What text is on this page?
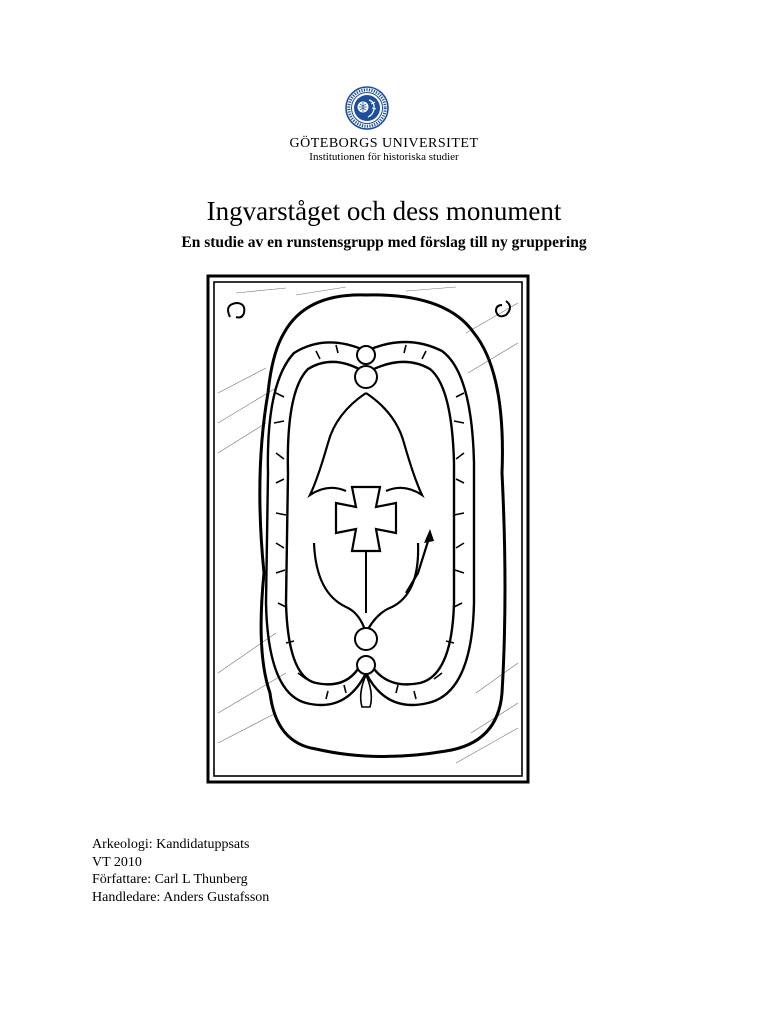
GÖTEBORGS UNIVERSITET
Institutionen för historiska studier
Ingvarståget och dess monument
En studie av en runstensgrupp med förslag till ny gruppering
Arkeologi: Kandidatuppsats
VT 2010
Författare: Carl L Thunberg
Handledare: Anders Gustafsson
